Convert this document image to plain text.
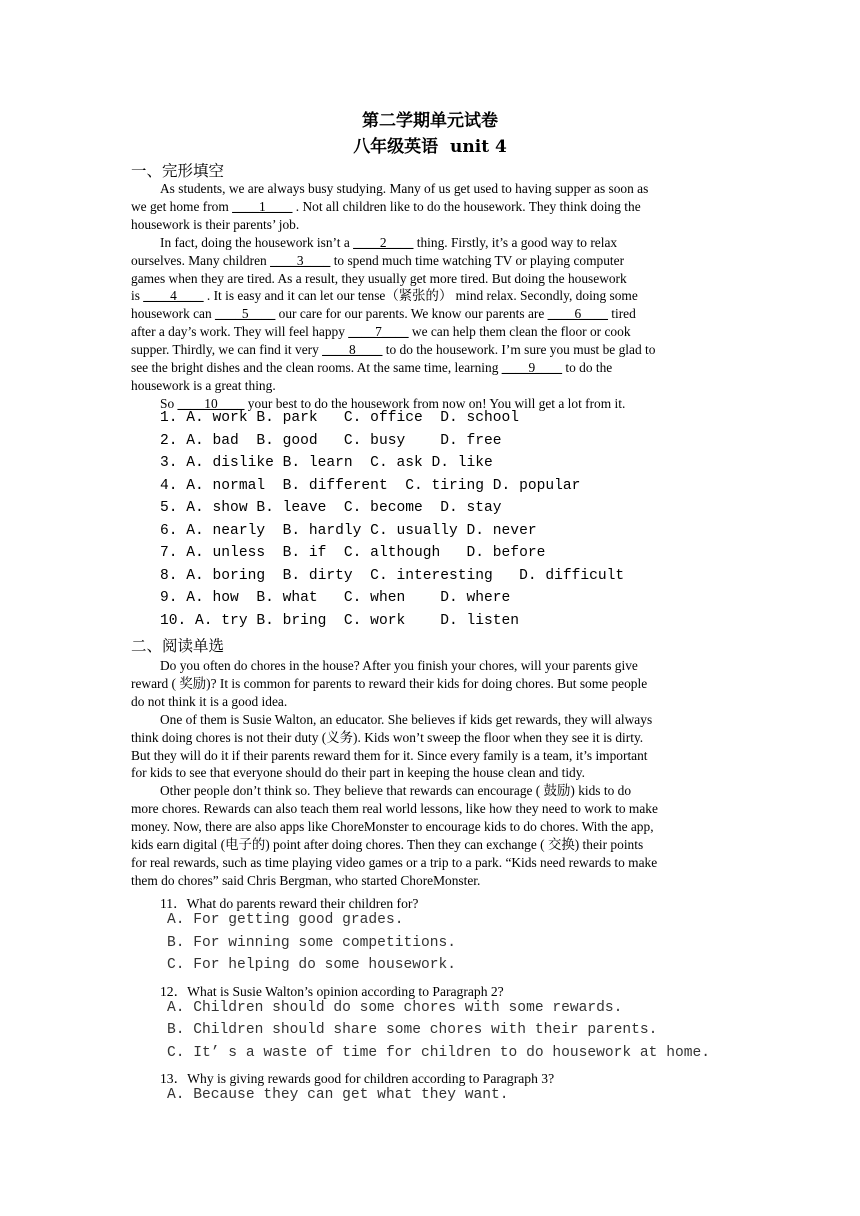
第二学期单元试卷
八年级英语  unit 4
一、完形填空
As students, we are always busy studying. Many of us get used to having supper as soon as
we get home from ____1____ . Not all children like to do the housework. They think doing the
housework is their parents’ job.
In fact, doing the housework isn’t a ____2____ thing. Firstly, it’s a good way to relax
ourselves. Many children ____3____ to spend much time watching TV or playing computer
games when they are tired. As a result, they usually get more tired. But doing the housework
is ____4____ . It is easy and it can let our tense（紧张的） mind relax. Secondly, doing some
housework can ____5____ our care for our parents. We know our parents are ____6____ tired
after a day’s work. They will feel happy ____7____ we can help them clean the floor or cook
supper. Thirdly, we can find it very ____8____ to do the housework. I’m sure you must be glad to
see the bright dishes and the clean rooms. At the same time, learning ____9____ to do the
housework is a great thing.
So ____10____ your best to do the housework from now on! You will get a lot from it.
1. A. work B. park   C. office  D. school
2. A. bad  B. good   C. busy    D. free
3. A. dislike B. learn  C. ask D. like
4. A. normal  B. different  C. tiring D. popular
5. A. show B. leave  C. become  D. stay
6. A. nearly  B. hardly C. usually D. never
7. A. unless  B. if  C. although   D. before
8. A. boring  B. dirty  C. interesting   D. difficult
9. A. how  B. what   C. when    D. where
10. A. try B. bring  C. work    D. listen
二、阅读单选
Do you often do chores in the house? After you finish your chores, will your parents give
reward ( 奖励)? It is common for parents to reward their kids for doing chores. But some people
do not think it is a good idea.
One of them is Susie Walton, an educator. She believes if kids get rewards, they will always
think doing chores is not their duty (义务). Kids won’t sweep the floor when they see it is dirty.
But they will do it if their parents reward them for it. Since every family is a team, it’s important
for kids to see that everyone should do their part in keeping the house clean and tidy.
Other people don’t think so. They believe that rewards can encourage ( 鼓励) kids to do
more chores. Rewards can also teach them real world lessons, like how they need to work to make
money. Now, there are also apps like ChoreMonster to encourage kids to do chores. With the app,
kids earn digital (电子的) point after doing chores. Then they can exchange ( 交换) their points
for real rewards, such as time playing video games or a trip to a park. “Kids need rewards to make
them do chores” said Chris Bergman, who started ChoreMonster.
11．What do parents reward their children for?
A. For getting good grades.
B. For winning some competitions.
C. For helping do some housework.
12．What is Susie Walton’s opinion according to Paragraph 2?
A. Children should do some chores with some rewards.
B. Children should share some chores with their parents.
C. It’ s a waste of time for children to do housework at home.
13．Why is giving rewards good for children according to Paragraph 3?
A. Because they can get what they want.
